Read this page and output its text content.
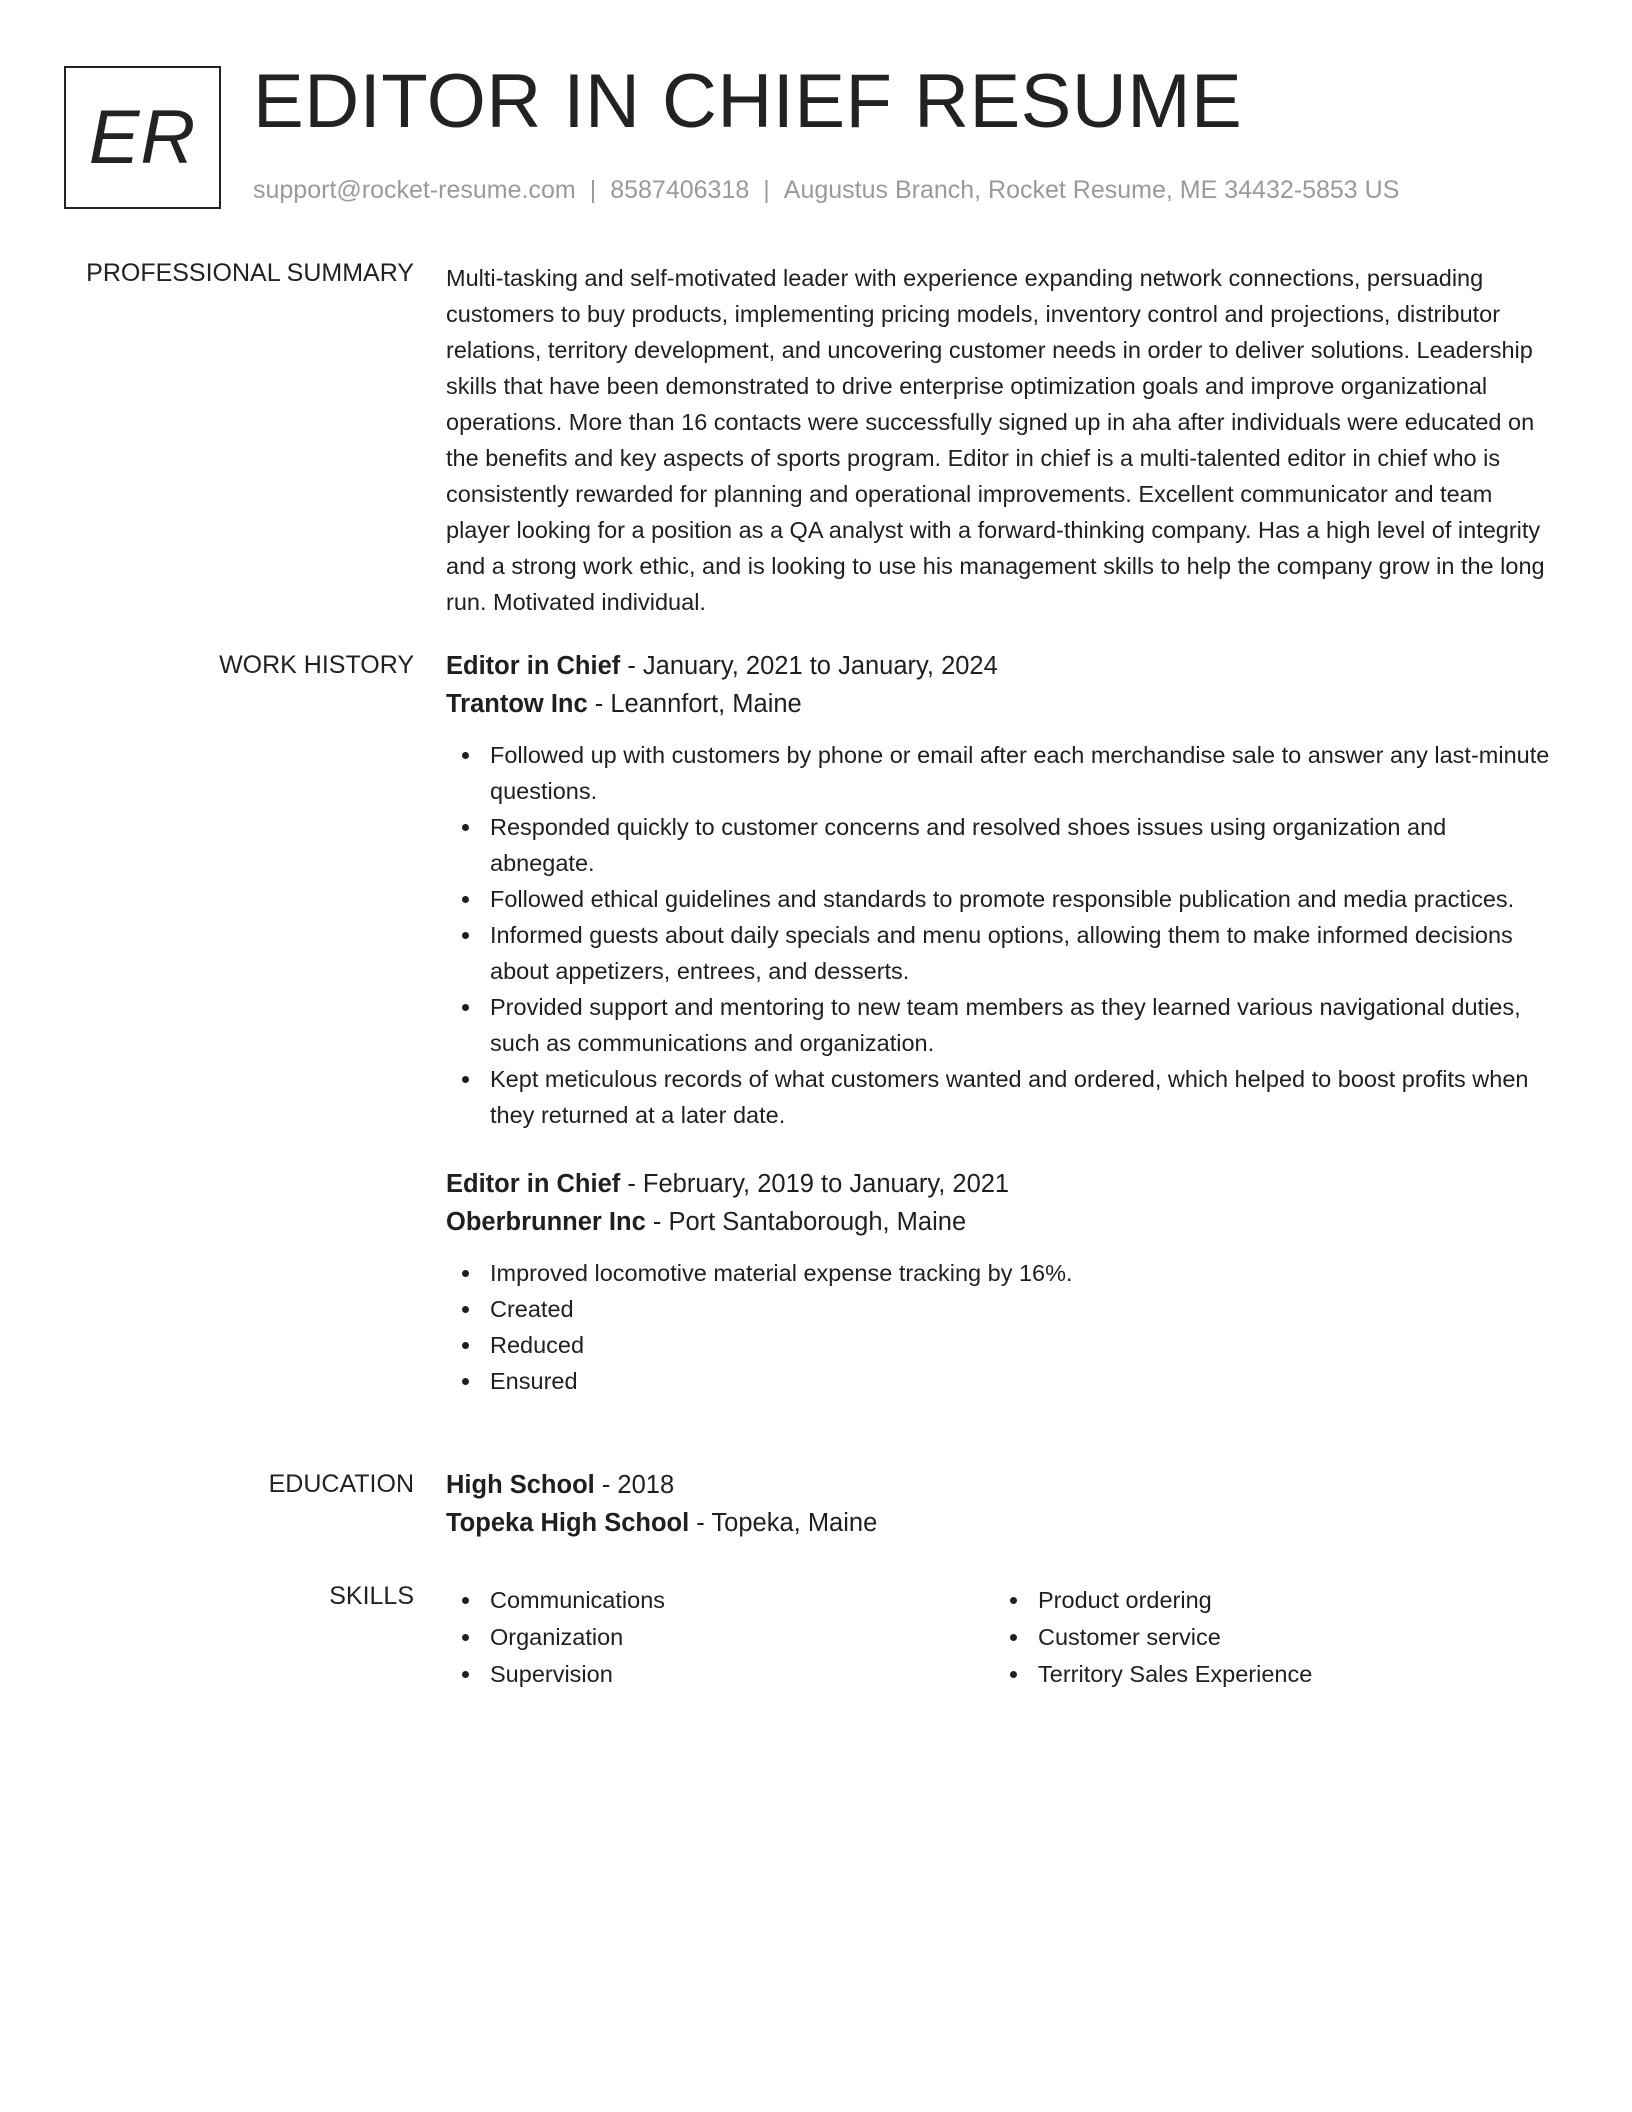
ER EDITOR IN CHIEF RESUME
support@rocket-resume.com | 8587406318 | Augustus Branch, Rocket Resume, ME 34432-5853 US
PROFESSIONAL SUMMARY Multi-tasking and self-motivated leader with experience expanding network connections, persuading customers to buy products, implementing pricing models, inventory control and projections, distributor relations, territory development, and uncovering customer needs in order to deliver solutions. Leadership skills that have been demonstrated to drive enterprise optimization goals and improve organizational operations. More than 16 contacts were successfully signed up in aha after individuals were educated on the benefits and key aspects of sports program. Editor in chief is a multi-talented editor in chief who is consistently rewarded for planning and operational improvements. Excellent communicator and team player looking for a position as a QA analyst with a forward-thinking company. Has a high level of integrity and a strong work ethic, and is looking to use his management skills to help the company grow in the long run. Motivated individual.
WORK HISTORY Editor in Chief - January, 2021 to January, 2024
Trantow Inc - Leannfort, Maine
Followed up with customers by phone or email after each merchandise sale to answer any last-minute questions.
Responded quickly to customer concerns and resolved shoes issues using organization and abnegate.
Followed ethical guidelines and standards to promote responsible publication and media practices.
Informed guests about daily specials and menu options, allowing them to make informed decisions about appetizers, entrees, and desserts.
Provided support and mentoring to new team members as they learned various navigational duties, such as communications and organization.
Kept meticulous records of what customers wanted and ordered, which helped to boost profits when they returned at a later date.
Editor in Chief - February, 2019 to January, 2021
Oberbrunner Inc - Port Santaborough, Maine
Improved locomotive material expense tracking by 16%.
Created
Reduced
Ensured
EDUCATION High School - 2018
Topeka High School - Topeka, Maine
SKILLS	Communications
Organization
Supervision
Product ordering
Customer service
Territory Sales Experience
